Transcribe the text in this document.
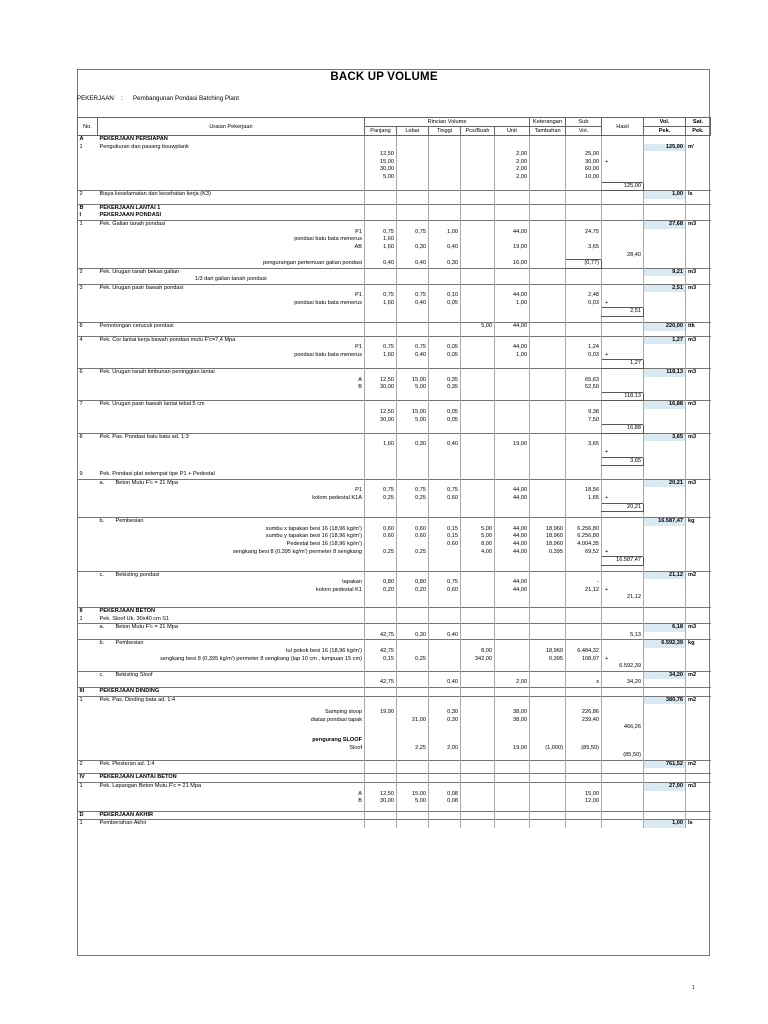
BACK UP VOLUME
PEKERJAAN : Pembangunan Pondasi Batching Plant
No.	Uraian Pekerjaan	Rincian Volume					Keterangan	Sub	Hasil	Vol.	Sat.
		Panjang	Lebar	Tinggi	Pcs/Buah	Unit	Tambahan	Vol.		Pek.	Pek.
A	PEKERJAAN PERSIAPAN										
1	Pengukuran dan pasang bouwplank									125,00	m'
		12,50				2,00		25,00			
		15,00				2,00		30,00	+		
		30,00				2,00		60,00			
		5,00				2,00		10,00			
									125,00		
2	Biaya keselamatan dan kesehatan kerja (K3)									1,00	ls

B	PEKERJAAN LANTAI 1										
I	PEKERJAAN PONDASI										
1	Pek. Galian tanah pondasi									27,68	m3
	P1	0,75	0,75	1,00		44,00		24,75			
	pondasi batu bata menerus	1,60									
	AB	1,60	0,30	0,40		19,00		3,65			
									28,40		
	pengurangan pertemuan galian pondasi	0,40	0,40	0,30		16,00		(0,77)			
2	Pek. Urugan tanah bekas galian									9,21	m3
	1/3 dari galian tanah pondasi										
3	Pek. Urugan pasir bawah pondasi									2,51	m3
	P1	0,75	0,75	0,10		44,00		2,48			
	pondasi batu bata menerus	1,60	0,40	0,05		1,00		0,03	+		
									2,51		

8	Pemotongan cerucuk pondasi				5,00	44,00				220,00	ttk

4	Pek. Cor lantai kerja bawah pondasi mutu F'c=7,4 Mpa									1,27	m3
	P1	0,75	0,75	0,05		44,00		1,24			
	pondasi batu bata menerus	1,60	0,40	0,05		1,00		0,03	+		
									1,27		
6	Pek. Urugan tanah timbunan peninggian lantai									118,13	m3
	A	12,50	15,00	0,35				65,63			
	B	30,00	5,00	0,35				52,50			
									118,13		
7	Pek. Urugan pasir bawah lantai tebal 5 cm									16,88	m3
		12,50	15,00	0,05				9,38			
		30,00	5,00	0,05				7,50			
									16,88		
8	Pek. Pas. Pondasi batu bata ad. 1:3									3,65	m3
		1,60	0,30	0,40		19,00		3,65			
									+		
									3,65		

9	Pek. Pondasi plat setempat tipe P1 + Pedestal										
	a. Beton Mutu F'c = 21 Mpa									20,21	m3
	P1	0,75	0,75	0,75		44,00		18,56			
	kolom pedestal K1A	0,25	0,25	0,60		44,00		1,65	+		
									20,21		

	b. Pembesian									16.587,47	kg
	sumbu x tapakan besi 16 (18,96 kg/m')	0,60	0,60	0,15	5,00	44,00	18,960	6.256,80			
	sumbu y tapakan besi 16 (18,96 kg/m')	0,60	0,60	0,15	5,00	44,00	18,960	6.256,80			
	Pedestal besi 16 (18,96 kg/m')			0,60	8,00	44,00	18,960	4.004,35			
	sengkang besi 8 (0,395 kg/m') permeter 8 sengkang	0,25	0,25		4,00	44,00	0,395	69,52	+		
									16.587,47		

	c. Bekisting pondasi									21,12	m2
	tapakan	0,80	0,80	0,75		44,00		-			
	kolom pedestal K1	0,20	0,20	0,60		44,00		21,12	+		
									21,12		

II	PEKERJAAN BETON										
1	Pek. Sloof Uk. 30x40 cm S1										
	a. Beton Mutu F'c = 21 Mpa									6,18	m3
		42,75	0,30	0,40					5,13		
	b. Pembesian									6.592,39	kg
	tul pokok besi 16 (18,96 kg/m')	42,75			8,00		18,960	6.484,32			
	sengkang besi 8 (0,395 kg/m') permeter 8 sengkang (lap 10 cm , tumpuan 15 cm)	0,15	0,25		342,00		0,395	108,07	+		
									6.592,39		
	c. Bekisting Sloof									34,20	m2
		42,75		0,40		2,00		x	34,20		
III	PEKERJAAN DINDING										
1	Pek. Pas. Dinding bata ad. 1:4									380,76	m2

	Samping sloop	19,90		0,30		38,00		226,86			
	diatas pondasi tapak		21,00	0,30		38,00		239,40			
									466,26		

	pengurang SLOOF										
	Sloof		2,25	2,00		19,00	(1,000)	(85,50)			
									(85,50)		
2	Pek. Plesteran ad. 1:4									761,52	m2

IV	PEKERJAAN LANTAI BETON										
1	Pek. Lapangan Beton Mutu F'c = 21 Mpa									27,00	m3
	A	12,50	15,00	0,08				15,00			
	B	30,00	5,00	0,08				12,00			

D	PEKERJAAN AKHIR										
1	Pembersihan Akhir									1,00	ls
1
